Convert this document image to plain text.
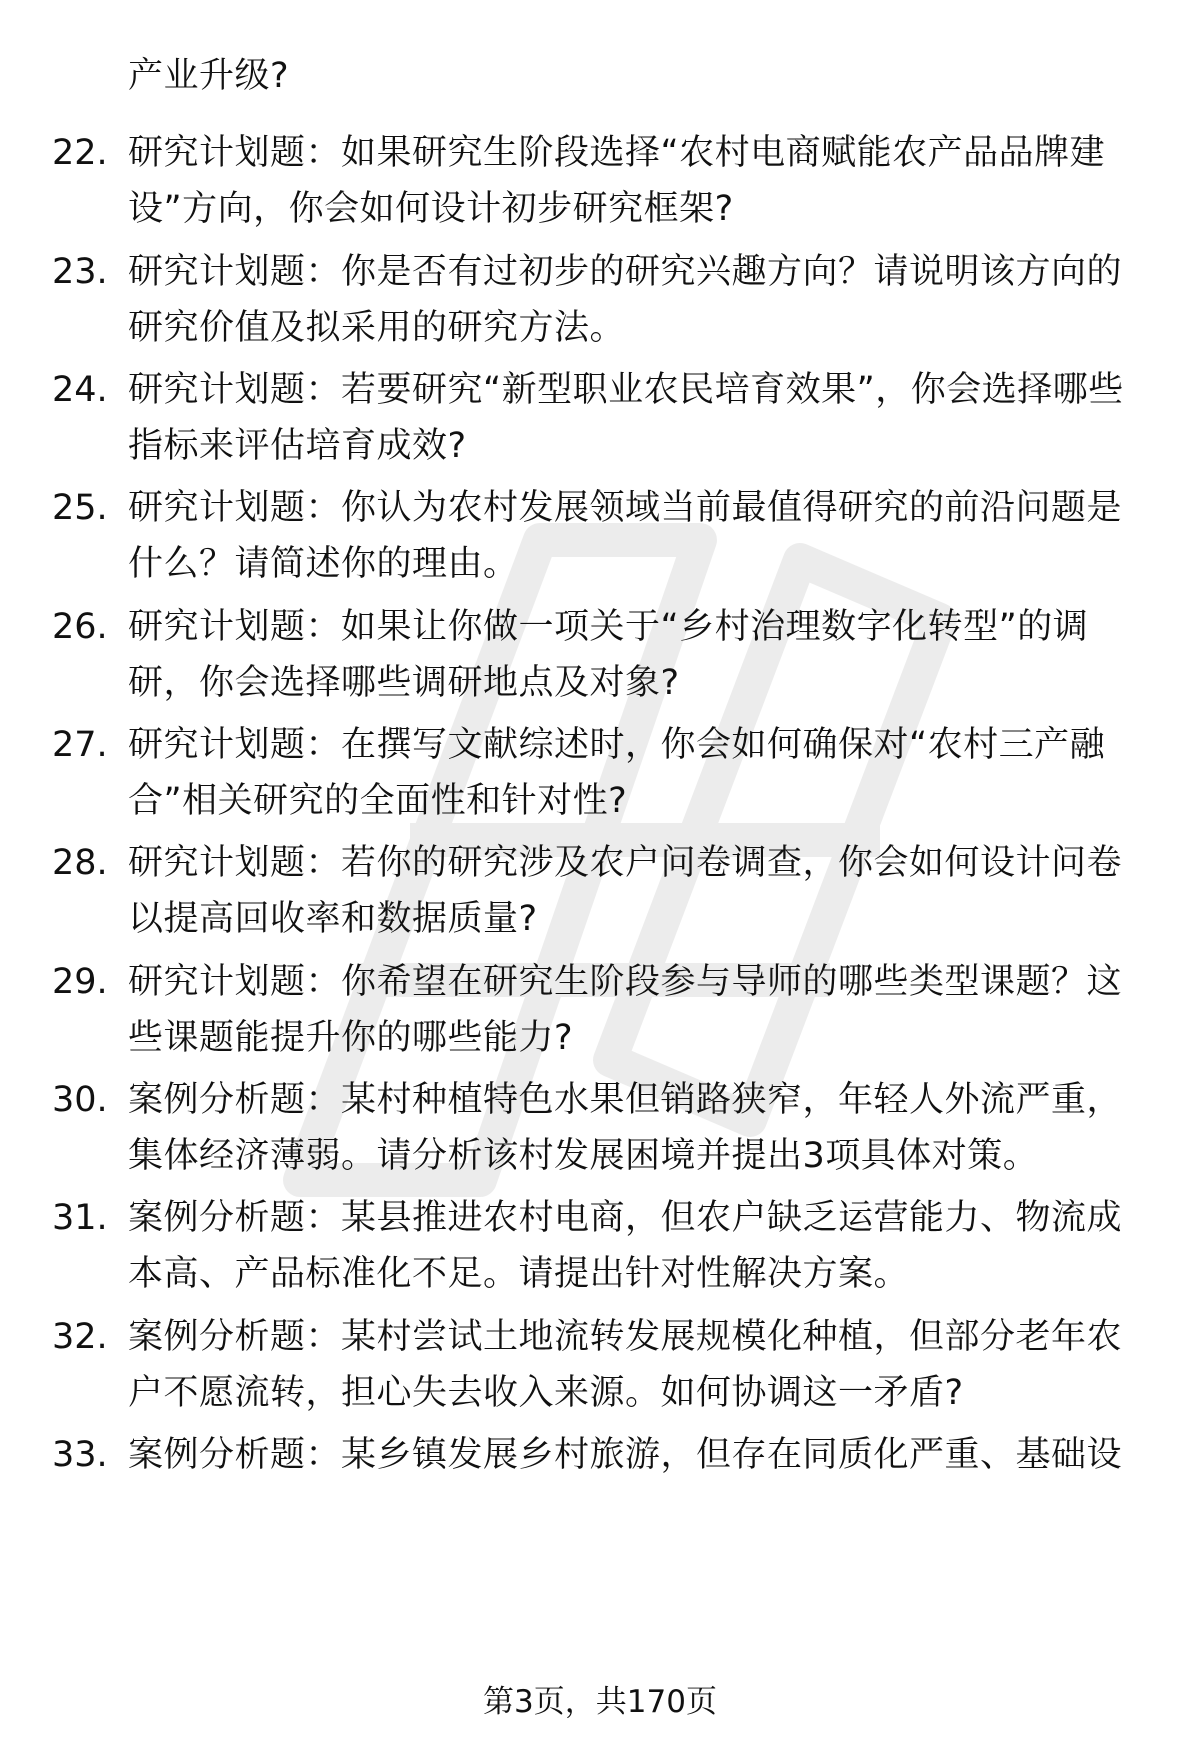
产业升级?
22. 研究计划题：如果研究生阶段选择“农村电商赋能农产品品牌建设”方向，你会如何设计初步研究框架?
23. 研究计划题：你是否有过初步的研究兴趣方向？请说明该方向的研究价值及拟采用的研究方法。
24. 研究计划题：若要研究“新型职业农民培育效果”，你会选择哪些指标来评估培育成效?
25. 研究计划题：你认为农村发展领域当前最值得研究的前沿问题是什么？请简述你的理由。
26. 研究计划题：如果让你做一项关于“乡村治理数字化转型”的调研，你会选择哪些调研地点及对象?
27. 研究计划题：在撰写文献综述时，你会如何确保对“农村三产融合”相关研究的全面性和针对性?
28. 研究计划题：若你的研究涉及农户问卷调查，你会如何设计问卷以提高回收率和数据质量?
29. 研究计划题：你希望在研究生阶段参与导师的哪些类型课题？这些课题能提升你的哪些能力?
30. 案例分析题：某村种植特色水果但销路狭窄，年轻人外流严重，集体经济薄弱。请分析该村发展困境并提出3项具体对策。
31. 案例分析题：某县推进农村电商，但农户缺乏运营能力、物流成本高、产品标准化不足。请提出针对性解决方案。
32. 案例分析题：某村尝试土地流转发展规模化种植，但部分老年农户不愿流转，担心失去收入来源。如何协调这一矛盾?
33. 案例分析题：某乡镇发展乡村旅游，但存在同质化严重、基础设
第3页，共170页
